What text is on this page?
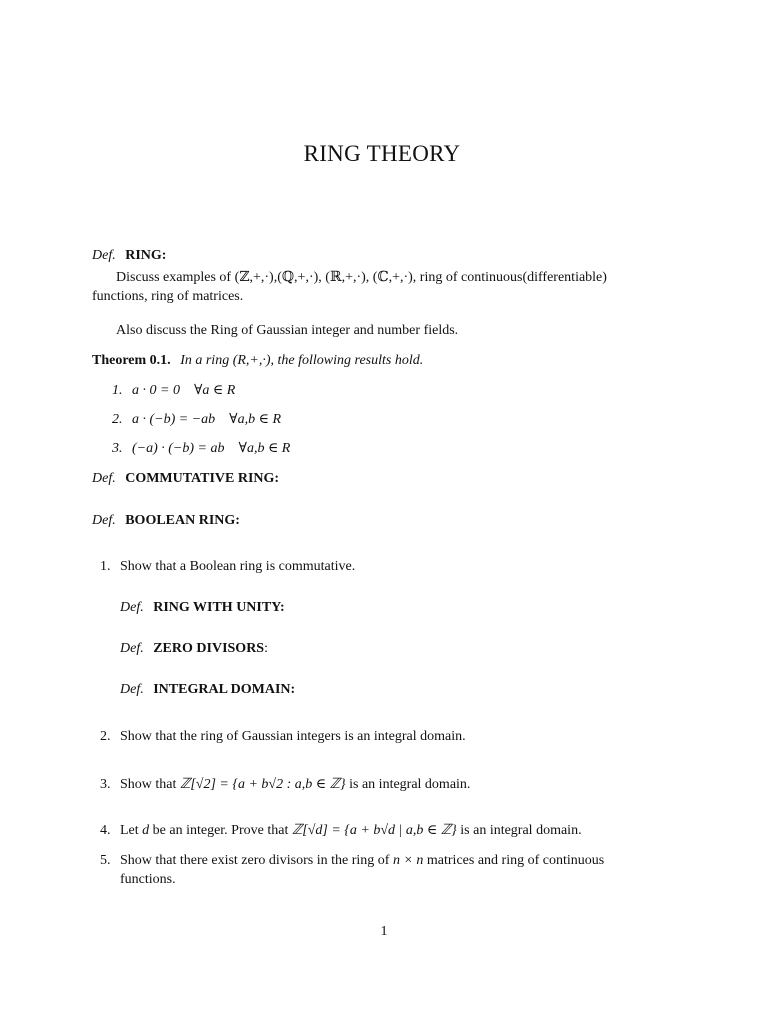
RING THEORY
Def. RING:
Discuss examples of (ℤ,+,·),(ℚ,+,·), (ℝ,+,·), (ℂ,+,·), ring of continuous(differentiable)
functions, ring of matrices.
Also discuss the Ring of Gaussian integer and number fields.
Theorem 0.1. In a ring (R,+,·), the following results hold.
1. a · 0 = 0    ∀a ∈ R
2. a · (−b) = −ab    ∀a,b ∈ R
3. (−a) · (−b) = ab    ∀a,b ∈ R
Def. COMMUTATIVE RING:
Def. BOOLEAN RING:
1. Show that a Boolean ring is commutative.
Def. RING WITH UNITY:
Def. ZERO DIVISORS:
Def. INTEGRAL DOMAIN:
2. Show that the ring of Gaussian integers is an integral domain.
3. Show that ℤ[√2] = {a + b√2 : a,b ∈ ℤ} is an integral domain.
4. Let d be an integer. Prove that ℤ[√d] = {a + b√d | a,b ∈ ℤ} is an integral domain.
5. Show that there exist zero divisors in the ring of n × n matrices and ring of continuous
functions.
1
